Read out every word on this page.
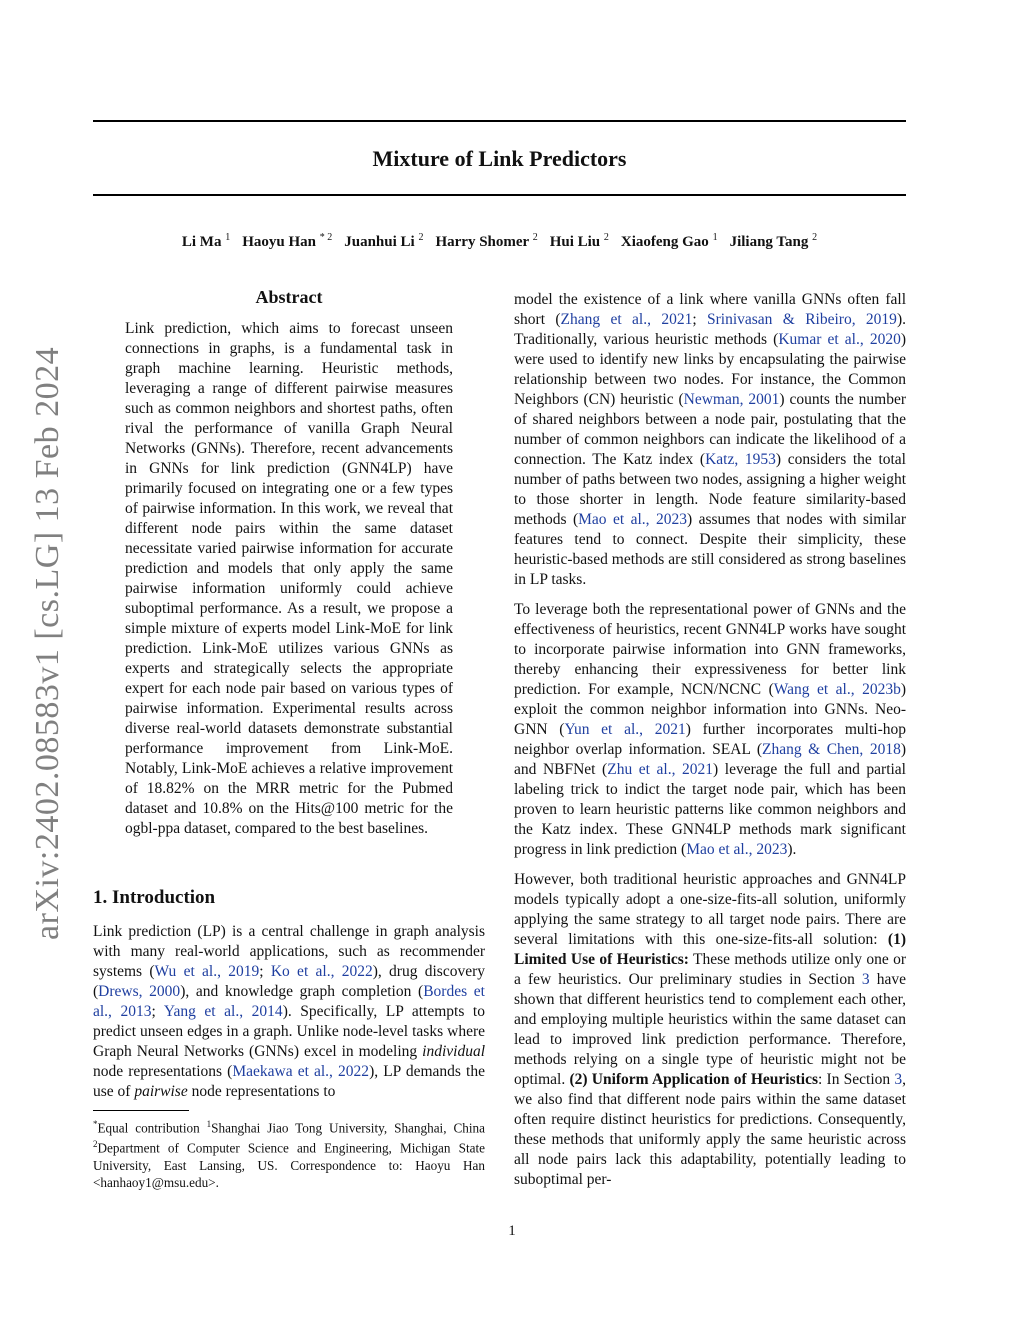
Mixture of Link Predictors
Li Ma $^1$ Haoyu Han $^{* 2}$ Juanhui Li $^2$ Harry Shomer $^2$ Hui Liu $^2$ Xiaofeng Gao $^1$ Jiliang Tang $^2$
arXiv:2402.08583v1 [cs.LG] 13 Feb 2024
Abstract

Link prediction, which aims to forecast unseen connections in graphs, is a fundamental task in graph machine learning. Heuristic methods, leveraging a range of different pairwise measures such as common neighbors and shortest paths, often rival the performance of vanilla Graph Neural Networks (GNNs). Therefore, recent advancements in GNNs for link prediction (GNN4LP) have primarily focused on integrating one or a few types of pairwise information. In this work, we reveal that different node pairs within the same dataset necessitate varied pairwise information for accurate prediction and models that only apply the same pairwise information uniformly could achieve suboptimal performance. As a result, we propose a simple mixture of experts model Link-MoE for link prediction. Link-MoE utilizes various GNNs as experts and strategically selects the appropriate expert for each node pair based on various types of pairwise information. Experimental results across diverse real-world datasets demonstrate substantial performance improvement from Link-MoE. Notably, Link-MoE achieves a relative improvement of 18.82% on the MRR metric for the Pubmed dataset and 10.8% on the Hits@100 metric for the ogbl-ppa dataset, compared to the best baselines.

1. Introduction

Link prediction (LP) is a central challenge in graph analysis with many real-world applications, such as recommender systems (Wu et al., 2019; Ko et al., 2022), drug discovery (Drews, 2000), and knowledge graph completion (Bordes et al., 2013; Yang et al., 2014). Specifically, LP attempts to predict unseen edges in a graph. Unlike node-level tasks where Graph Neural Networks (GNNs) excel in modeling individual node representations (Maekawa et al., 2022), LP demands the use of pairwise node representations to

*Equal contribution $^1$Shanghai Jiao Tong University, Shanghai, China $^2$Department of Computer Science and Engineering, Michigan State University, East Lansing, US. Correspondence to: Haoyu Han <hanhaoy1@msu.edu>.

model the existence of a link where vanilla GNNs often fall short (Zhang et al., 2021; Srinivasan & Ribeiro, 2019). Traditionally, various heuristic methods (Kumar et al., 2020) were used to identify new links by encapsulating the pairwise relationship between two nodes. For instance, the Common Neighbors (CN) heuristic (Newman, 2001) counts the number of shared neighbors between a node pair, postulating that the number of common neighbors can indicate the likelihood of a connection. The Katz index (Katz, 1953) considers the total number of paths between two nodes, assigning a higher weight to those shorter in length. Node feature similarity-based methods (Mao et al., 2023) assumes that nodes with similar features tend to connect. Despite their simplicity, these heuristic-based methods are still considered as strong baselines in LP tasks.

To leverage both the representational power of GNNs and the effectiveness of heuristics, recent GNN4LP works have sought to incorporate pairwise information into GNN frameworks, thereby enhancing their expressiveness for better link prediction. For example, NCN/NCNC (Wang et al., 2023b) exploit the common neighbor information into GNNs. Neo-GNN (Yun et al., 2021) further incorporates multi-hop neighbor overlap information. SEAL (Zhang & Chen, 2018) and NBFNet (Zhu et al., 2021) leverage the full and partial labeling trick to indict the target node pair, which has been proven to learn heuristic patterns like common neighbors and the Katz index. These GNN4LP methods mark significant progress in link prediction (Mao et al., 2023).

However, both traditional heuristic approaches and GNN4LP models typically adopt a one-size-fits-all solution, uniformly applying the same strategy to all target node pairs. There are several limitations with this one-size-fits-all solution: (1) Limited Use of Heuristics: These methods utilize only one or a few heuristics. Our preliminary studies in Section 3 have shown that different heuristics tend to complement each other, and employing multiple heuristics within the same dataset can lead to improved link prediction performance. Therefore, methods relying on a single type of heuristic might not be optimal. (2) Uniform Application of Heuristics: In Section 3, we also find that different node pairs within the same dataset often require distinct heuristics for predictions. Consequently, these methods that uniformly apply the same heuristic across all node pairs lack this adaptability, potentially leading to suboptimal per-

1
